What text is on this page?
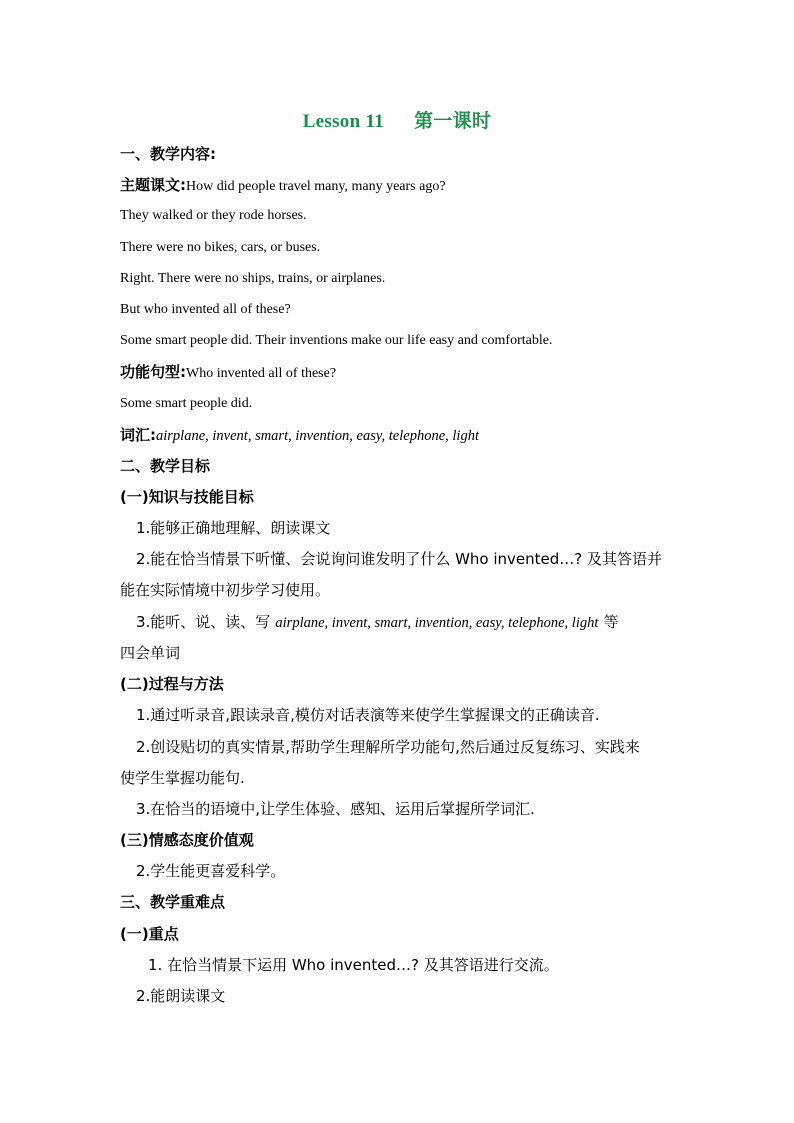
Lesson 11 第一课时
一、教学内容:
主题课文:How did people travel many, many years ago?
They walked or they rode horses.
There were no bikes, cars, or buses.
Right. There were no ships, trains, or airplanes.
But who invented all of these?
Some smart people did. Their inventions make our life easy and comfortable.
功能句型:Who invented all of these?
Some smart people did.
词汇:airplane, invent, smart, invention, easy, telephone, light
二、教学目标
(一)知识与技能目标
1.能够正确地理解、朗读课文
2.能在恰当情景下听懂、会说询问谁发明了什么 Who invented…? 及其答语并
能在实际情境中初步学习使用。
3.能听、说、读、写 airplane, invent, smart, invention, easy, telephone, light 等
四会单词
(二)过程与方法
1.通过听录音,跟读录音,模仿对话表演等来使学生掌握课文的正确读音.
2.创设贴切的真实情景,帮助学生理解所学功能句,然后通过反复练习、实践来
使学生掌握功能句.
3.在恰当的语境中,让学生体验、感知、运用后掌握所学词汇.
(三)情感态度价值观
2.学生能更喜爱科学。
三、教学重难点
(一)重点
1. 在恰当情景下运用 Who invented…? 及其答语进行交流。
2.能朗读课文
